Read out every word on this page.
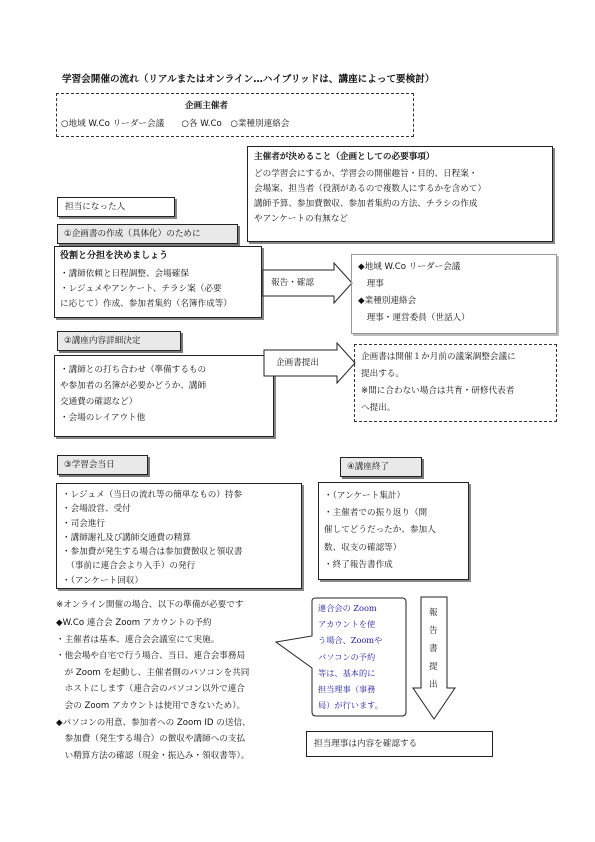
学習会開催の流れ（リアルまたはオンライン…ハイブリッドは、講座によって要検討）
企画主催者
○地域 W.Co リーダー会議　　○各 W.Co　○業種別連絡会
主催者が決めること（企画としての必要事項）
どの学習会にするか、学習会の開催趣旨・目的、日程案・
会場案、担当者（役割があるので複数人にするかを含めて）
講師予算、参加費徴収、参加者集約の方法、チラシの作成
やアンケートの有無など
担当になった人
①企画書の作成（具体化）のために
役割と分担を決めましょう
・講師依頼と日程調整、会場確保
・レジュメやアンケート、チラシ案（必要
に応じて）作成、参加者集約（名簿作成等）
報告・確認
◆地域 W.Co リーダー会議
　理事
◆業種別連絡会
　理事・運営委員（世話人）
②講座内容詳細決定
・講師との打ち合わせ（準備するもの
や参加者の名簿が必要かどうか、講師
交通費の確認など）
・会場のレイアウト他
企画書提出
企画書は開催１か月前の議案調整会議に
提出する。
※間に合わない場合は共育・研修代表者
へ提出。
③学習会当日
・レジュメ（当日の流れ等の簡単なもの）持参
・会場設営、受付
・司会進行
・講師謝礼及び講師交通費の精算
・参加費が発生する場合は参加費徴収と領収書
　（事前に連合会より入手）の発行
・（アンケート回収）
④講座終了
・（アンケート集計）
・主催者での振り返り（開
催してどうだったか、参加人
数、収支の確認等）
・終了報告書作成
※オンライン開催の場合、以下の準備が必要です
◆W.Co 連合会 Zoom アカウントの予約
・主催者は基本、連合会会議室にて実施。
・他会場や自宅で行う場合、当日、連合会事務局
　が Zoom を起動し、主催者側のパソコンを共同
　ホストにします（連合会のパソコン以外で連合
　会の Zoom アカウントは使用できないため）。
◆パソコンの用意、参加者への Zoom ID の送信、
　参加費（発生する場合）の徴収や講師への支払
　い精算方法の確認（現金・振込み・領収書等）。
連合会の Zoom
アカウントを使
う場合、Zoomや
パソコンの予約
等は、基本的に
担当理事（事務
局）が行います。
報告書提出
担当理事は内容を確認する
